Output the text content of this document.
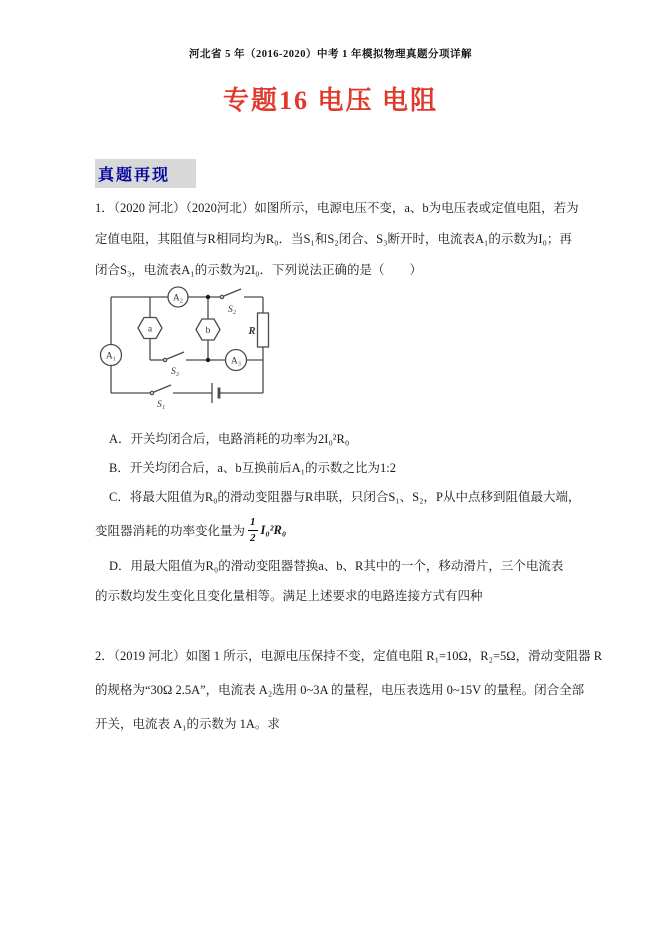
河北省 5 年（2016-2020）中考 1 年模拟物理真题分项详解
专题16 电压 电阻
真题再现
1．（2020 河北）（2020河北）如图所示，电源电压不变，a、b为电压表或定值电阻，若为
定值电阻，其阻值与R相同均为R₀．当S₁和S₂闭合、S₃断开时，电流表A₁的示数为I₀；再
闭合S₃，电流表A₁的示数为2I₀．下列说法正确的是（　　）
A₂
A₁	A₃
a	b
S₂
S₃
S₁
R
A．开关均闭合后，电路消耗的功率为2I₀²R₀
B．开关均闭合后，a、b互换前后A₁的示数之比为1:2
C．将最大阻值为R₀的滑动变阻器与R串联，只闭合S₁、S₂，P从中点移到阻值最大端，
变阻器消耗的功率变化量为 $\frac{1}{2} I_0^2R_0$
D．用最大阻值为R₀的滑动变阻器替换a、b、R其中的一个，移动滑片，三个电流表的示数均发生变化且变化量相等。满足上述要求的电路连接方式有四种
2．（2019 河北）如图 1 所示，电源电压保持不变，定值电阻 R₁=10Ω，R₂=5Ω，滑动变阻器 R
的规格为“30Ω 2.5A”，电流表 A₂选用 0~3A 的量程，电压表选用 0~15V 的量程。闭合全部
开关，电流表 A₁的示数为 1A。求
